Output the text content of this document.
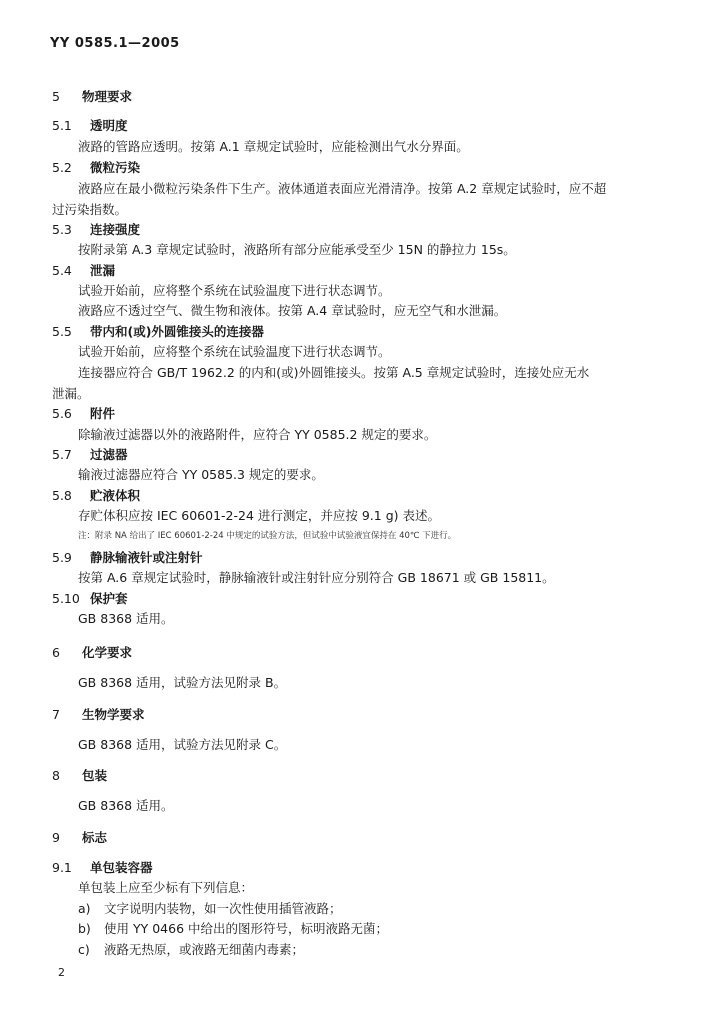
YY 0585.1—2005
5 物理要求
5.1 透明度
液路的管路应透明。按第 A.1 章规定试验时，应能检测出气水分界面。
5.2 微粒污染
液路应在最小微粒污染条件下生产。液体通道表面应光滑清净。按第 A.2 章规定试验时，应不超
过污染指数。
5.3 连接强度
按附录第 A.3 章规定试验时，液路所有部分应能承受至少 15N 的静拉力 15s。
5.4 泄漏
试验开始前，应将整个系统在试验温度下进行状态调节。
液路应不透过空气、微生物和液体。按第 A.4 章试验时，应无空气和水泄漏。
5.5 带内和(或)外圆锥接头的连接器
试验开始前，应将整个系统在试验温度下进行状态调节。
连接器应符合 GB/T 1962.2 的内和(或)外圆锥接头。按第 A.5 章规定试验时，连接处应无水
泄漏。
5.6 附件
除输液过滤器以外的液路附件，应符合 YY 0585.2 规定的要求。
5.7 过滤器
输液过滤器应符合 YY 0585.3 规定的要求。
5.8 贮液体积
存贮体积应按 IEC 60601-2-24 进行测定，并应按 9.1 g) 表述。
注：附录 NA 给出了 IEC 60601-2-24 中规定的试验方法，但试验中试验液宜保持在 40℃ 下进行。
5.9 静脉输液针或注射针
按第 A.6 章规定试验时，静脉输液针或注射针应分别符合 GB 18671 或 GB 15811。
5.10 保护套
GB 8368 适用。
6 化学要求
GB 8368 适用，试验方法见附录 B。
7 生物学要求
GB 8368 适用，试验方法见附录 C。
8 包装
GB 8368 适用。
9 标志
9.1 单包装容器
单包装上应至少标有下列信息：
a) 文字说明内装物，如一次性使用插管液路；
b) 使用 YY 0466 中给出的图形符号，标明液路无菌；
c) 液路无热原，或液路无细菌内毒素；
2
